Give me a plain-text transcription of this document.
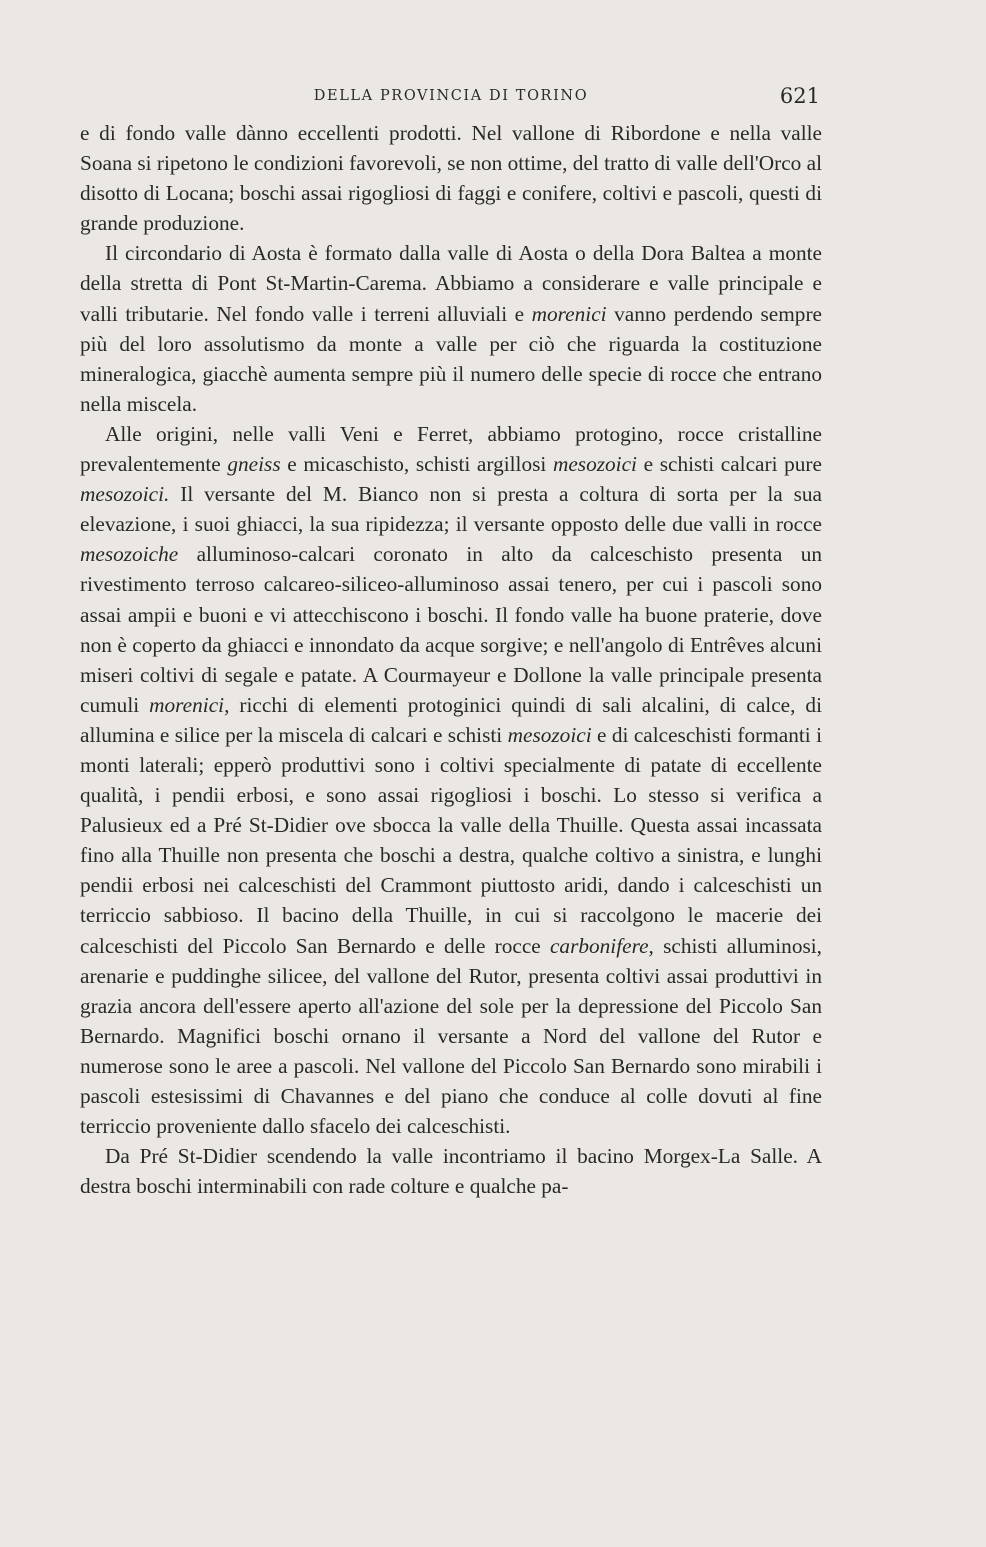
DELLA PROVINCIA DI TORINO	621

e di fondo valle dànno eccellenti prodotti. Nel vallone di Ribordone e nella valle Soana si ripetono le condizioni favorevoli, se non ottime, del tratto di valle dell'Orco al disotto di Locana; boschi assai rigogliosi di faggi e conifere, coltivi e pascoli, questi di grande produzione.

Il circondario di Aosta è formato dalla valle di Aosta o della Dora Baltea a monte della stretta di Pont St-Martin-Carema. Abbiamo a considerare e valle principale e valli tributarie. Nel fondo valle i terreni alluviali e morenici vanno perdendo sempre più del loro assolutismo da monte a valle per ciò che riguarda la costituzione mineralogica, giacchè aumenta sempre più il numero delle specie di rocce che entrano nella miscela.

Alle origini, nelle valli Veni e Ferret, abbiamo protogino, rocce cristalline prevalentemente gneiss e micaschisto, schisti argillosi mesozoici e schisti calcari pure mesozoici. Il versante del M. Bianco non si presta a coltura di sorta per la sua elevazione, i suoi ghiacci, la sua ripidezza; il versante opposto delle due valli in rocce mesozoiche alluminoso-calcari coronato in alto da calceschisto presenta un rivestimento terroso calcareo-siliceo-alluminoso assai tenero, per cui i pascoli sono assai ampii e buoni e vi attecchiscono i boschi. Il fondo valle ha buone praterie, dove non è coperto da ghiacci e innondato da acque sorgive; e nell'angolo di Entrêves alcuni miseri coltivi di segale e patate. A Courmayeur e Dollone la valle principale presenta cumuli morenici, ricchi di elementi protoginici quindi di sali alcalini, di calce, di allumina e silice per la miscela di calcari e schisti mesozoici e di calceschisti formanti i monti laterali; epperò produttivi sono i coltivi specialmente di patate di eccellente qualità, i pendii erbosi, e sono assai rigogliosi i boschi. Lo stesso si verifica a Palusieux ed a Pré St-Didier ove sbocca la valle della Thuille. Questa assai incassata fino alla Thuille non presenta che boschi a destra, qualche coltivo a sinistra, e lunghi pendii erbosi nei calceschisti del Crammont piuttosto aridi, dando i calceschisti un terriccio sabbioso. Il bacino della Thuille, in cui si raccolgono le macerie dei calceschisti del Piccolo San Bernardo e delle rocce carbonifere, schisti alluminosi, arenarie e puddinghe silicee, del vallone del Rutor, presenta coltivi assai produttivi in grazia ancora dell'essere aperto all'azione del sole per la depressione del Piccolo San Bernardo. Magnifici boschi ornano il versante a Nord del vallone del Rutor e numerose sono le aree a pascoli. Nel vallone del Piccolo San Bernardo sono mirabili i pascoli estesissimi di Chavannes e del piano che conduce al colle dovuti al fine terriccio proveniente dallo sfacelo dei calceschisti.

Da Pré St-Didier scendendo la valle incontriamo il bacino Morgex-La Salle. A destra boschi interminabili con rade colture e qualche pa-
